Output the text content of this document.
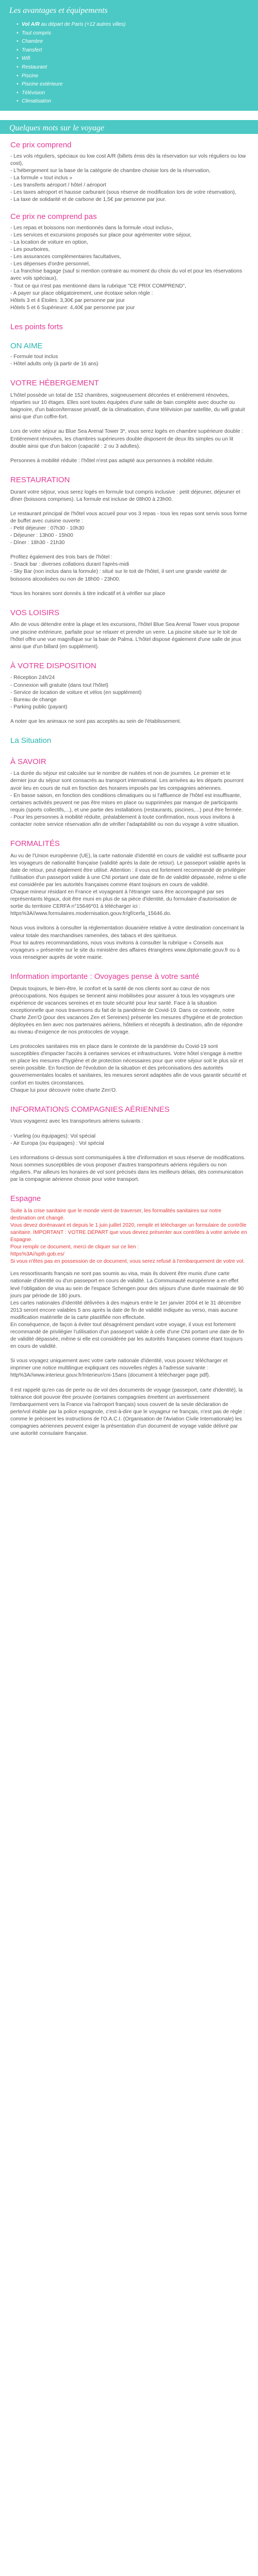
Les avantages et équipements
• Vol A/R au départ de Paris (+12 autres villes)
• Tout compris
• Chambre
• Transfert
• Wifi
• Restaurant
• Piscine
• Piscine extérieure
• Télévision
• Climatisation
Quelques mots sur le voyage
Ce prix comprend

- Les vols réguliers, spéciaux ou low cost A/R (billets émis dès la réservation sur vols réguliers ou low cost),
- L'hébergement sur la base de la catégorie de chambre choisie lors de la réservation,
- La formule « tout inclus »
- Les transferts aéroport / hôtel / aéroport
- Les taxes aéroport et hausse carburant (sous réserve de modification lors de votre réservation),
- La taxe de solidarité et de carbone de 1,5€ par personne par jour.

Ce prix ne comprend pas

- Les repas et boissons non mentionnés dans la formule «tout inclus»,
- Les services et excursions proposés sur place pour agrémenter votre séjour,
- La location de voiture en option,
- Les pourboires,
- Les assurances complémentaires facultatives,
- Les dépenses d'ordre personnel,
- La franchise bagage (sauf si mention contraire au moment du choix du vol et pour les réservations avec vols spéciaux),
- Tout ce qui n'est pas mentionné dans la rubrique "CE PRIX COMPREND",
- A payer sur place obligatoirement, une écotaxe selon règle :
Hôtels 3 et 4 Étoiles: 3,30€ par personne par jour
Hôtels 5 et 6 Supérieure: 4,40€ par personne par jour

Les points forts
ON AIME

- Formule tout inclus
- Hôtel adults only (à partir de 16 ans)

VOTRE HÉBERGEMENT

L'hôtel possède un total de 152 chambres, soigneusement décorées et entièrement rénovées, réparties sur 10 étages. Elles sont toutes équipées d'une salle de bain complète avec douche ou baignoire, d'un balcon/terrasse privatif, de la climatisation, d'une télévision par satellite, du wifi gratuit ainsi que d'un coffre-fort.

Lors de votre séjour au Blue Sea Arenal Tower 3*, vous serez logés en chambre supérieure double :
Entièrement rénovées, les chambres supérieures double disposent de deux lits simples ou un lit double ainsi que d'un balcon (capacité : 2 ou 3 adultes).

Personnes à mobilité réduite : l'hôtel n'est pas adapté aux personnes à mobilité réduite.

RESTAURATION

Durant votre séjour, vous serez logés en formule tout compris inclusive : petit déjeuner, déjeuner et dîner (boissons comprises). La formule est incluse de 08h00 à 23h00.

Le restaurant principal de l'hôtel vous accueil pour vos 3 repas - tous les repas sont servis sous forme de buffet avec cuisine ouverte :
- Petit déjeuner : 07h30 - 10h30
- Déjeuner : 13h00 - 15h00
- Dîner : 18h30 - 21h30

Profitez également des trois bars de l'hôtel :
- Snack bar : diverses collations durant l'après-midi
- Sky Bar (non inclus dans la formule) : situé sur le toit de l'hôtel, il sert une grande variété de boissons alcoolisées ou non de 18h00 - 23h00.

*tous les horaires sont donnés à titre indicatif et à vérifier sur place

VOS LOISIRS

Afin de vous détendre entre la plage et les excursions, l'hôtel Blue Sea Arenal Tower vous propose une piscine extérieure, parfaite pour se relaxer et prendre un verre. La piscine située sur le toit de l'hôtel offre une vue magnifique sur la baie de Palma. L'hôtel dispose également d'une salle de jeux ainsi que d'un billard (en supplément).

À VOTRE DISPOSITION

- Réception 24h/24
- Connexion wifi gratuite (dans tout l'hôtel)
- Service de location de voiture et vélos (en supplément)
- Bureau de change
- Parking public (payant)

A noter que les animaux ne sont pas acceptés au sein de l'établissement.

La Situation
À SAVOIR

- La durée du séjour est calculée sur le nombre de nuitées et non de journées. Le premier et le dernier jour du séjour sont consacrés au transport international. Les arrivées au les départs pourront avoir lieu en cours de nuit en fonction des horaires imposés par les compagnies aériennes.
- En basse saison, en fonction des conditions climatiques ou si l'affluence de l'hôtel est insuffisante, certaines activités peuvent ne pas être mises en place ou supprimées par manque de participants requis (sports collectifs,...), et une partie des installations (restaurants, piscines,...) peut être fermée.
- Pour les personnes à mobilité réduite, préalablement à toute confirmation, nous vous invitons à contacter notre service réservation afin de vérifier l'adaptabilité ou non du voyage à votre situation.

FORMALITÉS

Au vu de l'Union européenne (UE), la carte nationale d'identité en cours de validité est suffisante pour les voyageurs de nationalité française (validité après la date de retour). Le passeport valable après la date de retour, peut également être utilisé. Attention : il vous est fortement recommandé de privilégier l'utilisation d'un passeport valide à une CNI portant une date de fin de validité dépassée, même si elle est considérée par les autorités françaises comme étant toujours en cours de validité.
Chaque mineur résidant en France et voyageant à l'étranger sans être accompagné par ses représentants légaux, doit être muni en plus de sa pièce d'identité, du formulaire d'autorisation de sortie du territoire CERFA n°15646*01 à télécharger ici :
https%3A//www.formulaires.modernisation.gouv.fr/gf/cerfa_15646.do.

Nous vous invitons à consulter la réglementation douanière relative à votre destination concernant la valeur totale des marchandises ramenées, des tabacs et des spiritueux.
Pour toi autres recommandations, nous vous invitons à consulter la rubrique « Conseils aux voyageurs » présentée sur le site du ministère des affaires étrangères www.diplomatie.gouv.fr ou à vous renseigner auprès de votre mairie.

Information importante : Ovoyages pense à votre santé

Depuis toujours, le bien-être, le confort et la santé de nos clients sont au cœur de nos préoccupations. Nos équipes se tiennent ainsi mobilisées pour assurer à tous les voyageurs une expérience de vacances sereines et en toute sécurité pour leur santé. Face à la situation exceptionnelle que nous traversons du fait de la pandémie de Covid-19. Dans ce contexte, notre Charte Zen'O (pour des vacances Zen et Sereines) présente les mesures d'hygiène et de protection déployées en lien avec nos partenaires aériens, hôteliers et réceptifs à destination, afin de répondre au niveau d'exigence de nos protocoles de voyage.

Les protocoles sanitaires mis en place dans le contexte de la pandémie du Covid-19 sont susceptibles d'impacter l'accès à certaines services et infrastructures. Votre hôtel s'engage à mettre en place les mesures d'hygiène et de protection nécessaires pour que votre séjour soit le plus sûr et serein possible. En fonction de l'évolution de la situation et des préconisations des autorités gouvernementales locales et sanitaires, les mesures seront adaptées afin de vous garantir sécurité et confort en toutes circonstances.
Chaque lui pour découvrir notre charte Zen'O.

INFORMATIONS COMPAGNIES AÉRIENNES

Vous voyagerez avec les transporteurs aériens suivants :

- Vueling (ou équipages): Vol spécial
- Air Europa (ou équipages) : Vol spécial

Les informations ci-dessus sont communiquées à titre d'information et sous réserve de modifications. Nous sommes susceptibles de vous proposer d'autres transporteurs aériens réguliers ou non réguliers. Par ailleurs les horaires de vol sont précisés dans les meilleurs délais, dès communication par la compagnie aérienne choisie pour votre transport.

Espagne

Suite à la crise sanitaire que le monde vient de traverser, les formalités sanitaires sur notre destination ont changé.
Vous devez dorénavant et depuis le 1 juin juillet 2020, remplir et télécharger un formulaire de contrôle sanitaire. IMPORTANT : VOTRE DÉPART que vous devrez présenter aux contrôles à votre arrivée en Espagne.
Pour remplir ce document, merci de cliquer sur ce lien :
https%3A//spth.gob.es/
Si vous n'êtes pas en possession de ce document, vous serez refusé à l'embarquement de votre vol.

Les ressortissants français ne sont pas soumis au visa, mais ils doivent être munis d'une carte nationale d'identité ou d'un passeport en cours de validité. La Communauté européenne a en effet levé l'obligation de visa au sein de l'espace Schengen pour des séjours d'une durée maximale de 90 jours par période de 180 jours.
Les cartes nationales d'identité délivrées à des majeurs entre le 1er janvier 2004 et le 31 décembre 2013 seront encore valables 5 ans après la date de fin de validité indiquée au verso, mais aucune modification matérielle de la carte plastifiée non effectuée.
En conséquence, de façon à éviter tout désagrément pendant votre voyage, il vous est fortement recommandé de privilégier l'utilisation d'un passeport valide à celle d'une CNI portant une date de fin de validité dépassée, même si elle est considérée par les autorités françaises comme étant toujours en cours de validité.

Si vous voyagez uniquement avec votre carte nationale d'identité, vous pouvez télécharger et imprimer une notice multilingue expliquant ces nouvelles règles à l'adresse suivante : http%3A//www.interieur.gouv.fr/Interieur/cni-15ans (document à télécharger page pdf).

Il est rappelé qu'en cas de perte ou de vol des documents de voyage (passeport, carte d'identité), la tolérance doit pouvoir être prouvée (certaines compagnies émettent un avertissement l'embarquement vers la France via l'aéroport français) sous couvert de la seule déclaration de perte/vol établie par la police espagnole, c'est-à-dire que le voyageur ne français, n'est pas de règle : comme le précisent les instructions de l'O.A.C.I. (Organisation de l'Aviation Civile Internationale) les compagnies aériennes peuvent exiger la présentation d'un document de voyage valide délivré par une autorité consulaire française.
